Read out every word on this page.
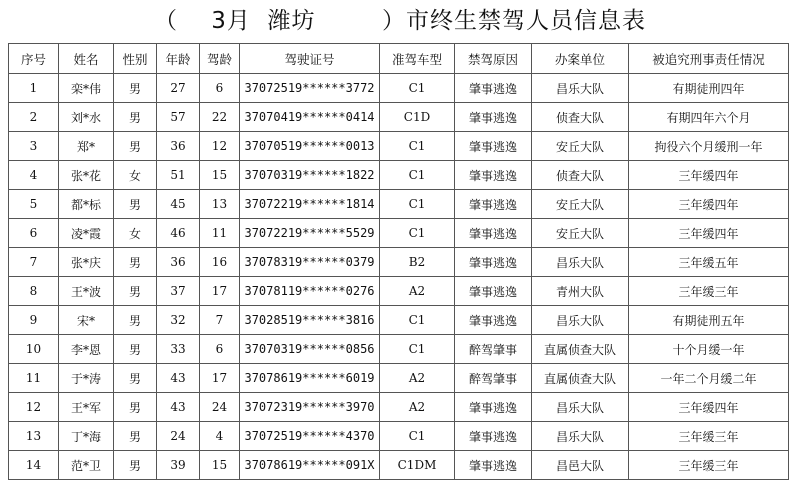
（    3月  潍坊        ）市终生禁驾人员信息表
序号	姓名	性别	年龄	驾龄	驾驶证号	准驾车型	禁驾原因	办案单位	被追究刑事责任情况
1	栾*伟	男	27	6	37072519******3772	C1	肇事逃逸	昌乐大队	有期徒刑四年
2	刘*水	男	57	22	37070419******0414	C1D	肇事逃逸	侦查大队	有期四年六个月
3	郑*	男	36	12	37070519******0013	C1	肇事逃逸	安丘大队	拘役六个月缓刑一年
4	张*花	女	51	15	37070319******1822	C1	肇事逃逸	侦查大队	三年缓四年
5	都*标	男	45	13	37072219******1814	C1	肇事逃逸	安丘大队	三年缓四年
6	凌*霞	女	46	11	37072219******5529	C1	肇事逃逸	安丘大队	三年缓四年
7	张*庆	男	36	16	37078319******0379	B2	肇事逃逸	昌乐大队	三年缓五年
8	王*波	男	37	17	37078119******0276	A2	肇事逃逸	青州大队	三年缓三年
9	宋*	男	32	7	37028519******3816	C1	肇事逃逸	昌乐大队	有期徒刑五年
10	李*恩	男	33	6	37070319******0856	C1	醉驾肇事	直属侦查大队	十个月缓一年
11	于*涛	男	43	17	37078619******6019	A2	醉驾肇事	直属侦查大队	一年二个月缓二年
12	王*军	男	43	24	37072319******3970	A2	肇事逃逸	昌乐大队	三年缓四年
13	丁*海	男	24	4	37072519******4370	C1	肇事逃逸	昌乐大队	三年缓三年
14	范*卫	男	39	15	37078619******091X	C1DM	肇事逃逸	昌邑大队	三年缓三年
